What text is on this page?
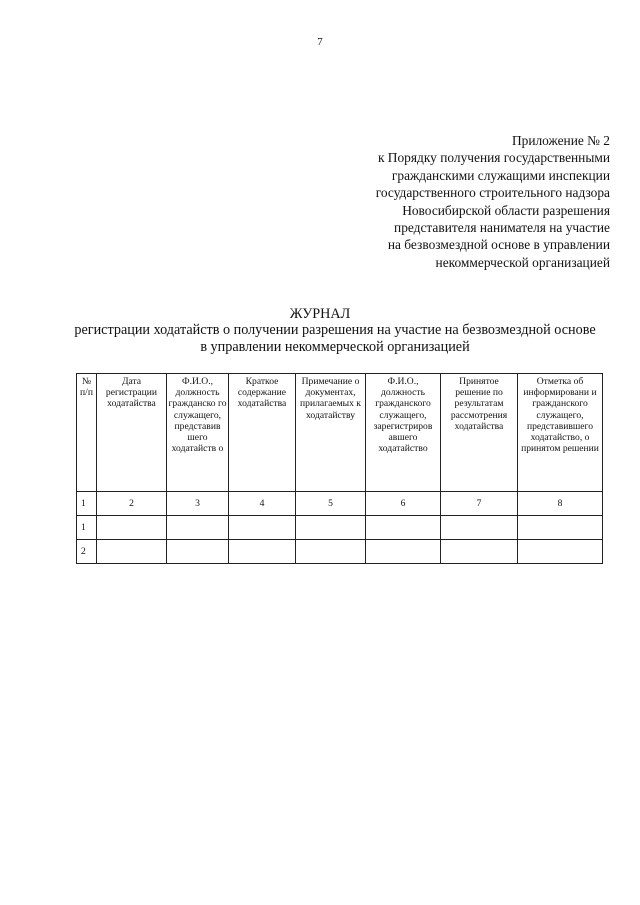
7
Приложение № 2
к Порядку получения государственными
гражданскими служащими инспекции
государственного строительного надзора
Новосибирской области разрешения
представителя нанимателя на участие
на безвозмездной основе в управлении
некоммерческой организацией
ЖУРНАЛ
регистрации ходатайств о получении разрешения на участие на безвозмездной основе в управлении некоммерческой организацией
№ п/п	Дата регистрации ходатайства	Ф.И.О., должность гражданско го служащего, представив шего ходатайств о	Краткое содержание ходатайства	Примечание о документах, прилагаемых к ходатайству	Ф.И.О., должность гражданского служащего, зарегистриров авшего ходатайство	Принятое решение по результатам рассмотрения ходатайства	Отметка об информировани и гражданского служащего, представившего ходатайство, о принятом решении
1	2	3	4	5	6	7	8
1							
2							
